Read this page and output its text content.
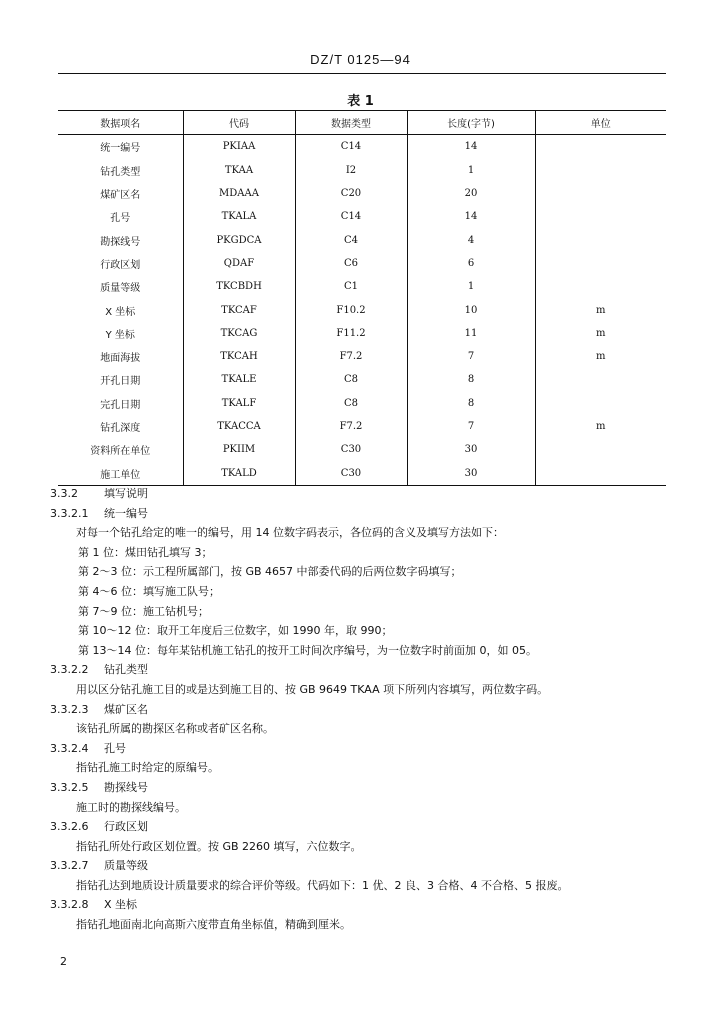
DZ/T 0125—94
表 1
数据项名	代码	数据类型	长度(字节)	单位
统一编号	PKIAA	C14	14	
钻孔类型	TKAA	I2	1	
煤矿区名	MDAAA	C20	20	
孔号	TKALA	C14	14	
勘探线号	PKGDCA	C4	4	
行政区划	QDAF	C6	6	
质量等级	TKCBDH	C1	1	
X 坐标	TKCAF	F10.2	10	m
Y 坐标	TKCAG	F11.2	11	m
地面海拔	TKCAH	F7.2	7	m
开孔日期	TKALE	C8	8	
完孔日期	TKALF	C8	8	
钻孔深度	TKACCA	F7.2	7	m
资料所在单位	PKIIM	C30	30	
施工单位	TKALD	C30	30	
3.3.2 填写说明
3.3.2.1 统一编号
对每一个钻孔给定的唯一的编号，用 14 位数字码表示，各位码的含义及填写方法如下：
第 1 位：煤田钻孔填写 3；
第 2～3 位：示工程所属部门，按 GB 4657 中部委代码的后两位数字码填写；
第 4～6 位：填写施工队号；
第 7～9 位：施工钻机号；
第 10～12 位：取开工年度后三位数字，如 1990 年，取 990；
第 13～14 位：每年某钻机施工钻孔的按开工时间次序编号，为一位数字时前面加 0，如 05。
3.3.2.2 钻孔类型
用以区分钻孔施工目的或是达到施工目的、按 GB 9649 TKAA 项下所列内容填写，两位数字码。
3.3.2.3 煤矿区名
该钻孔所属的勘探区名称或者矿区名称。
3.3.2.4 孔号
指钻孔施工时给定的原编号。
3.3.2.5 勘探线号
施工时的勘探线编号。
3.3.2.6 行政区划
指钻孔所处行政区划位置。按 GB 2260 填写，六位数字。
3.3.2.7 质量等级
指钻孔达到地质设计质量要求的综合评价等级。代码如下：1 优、2 良、3 合格、4 不合格、5 报废。
3.3.2.8 X 坐标
指钻孔地面南北向高斯六度带直角坐标值，精确到厘米。
2
